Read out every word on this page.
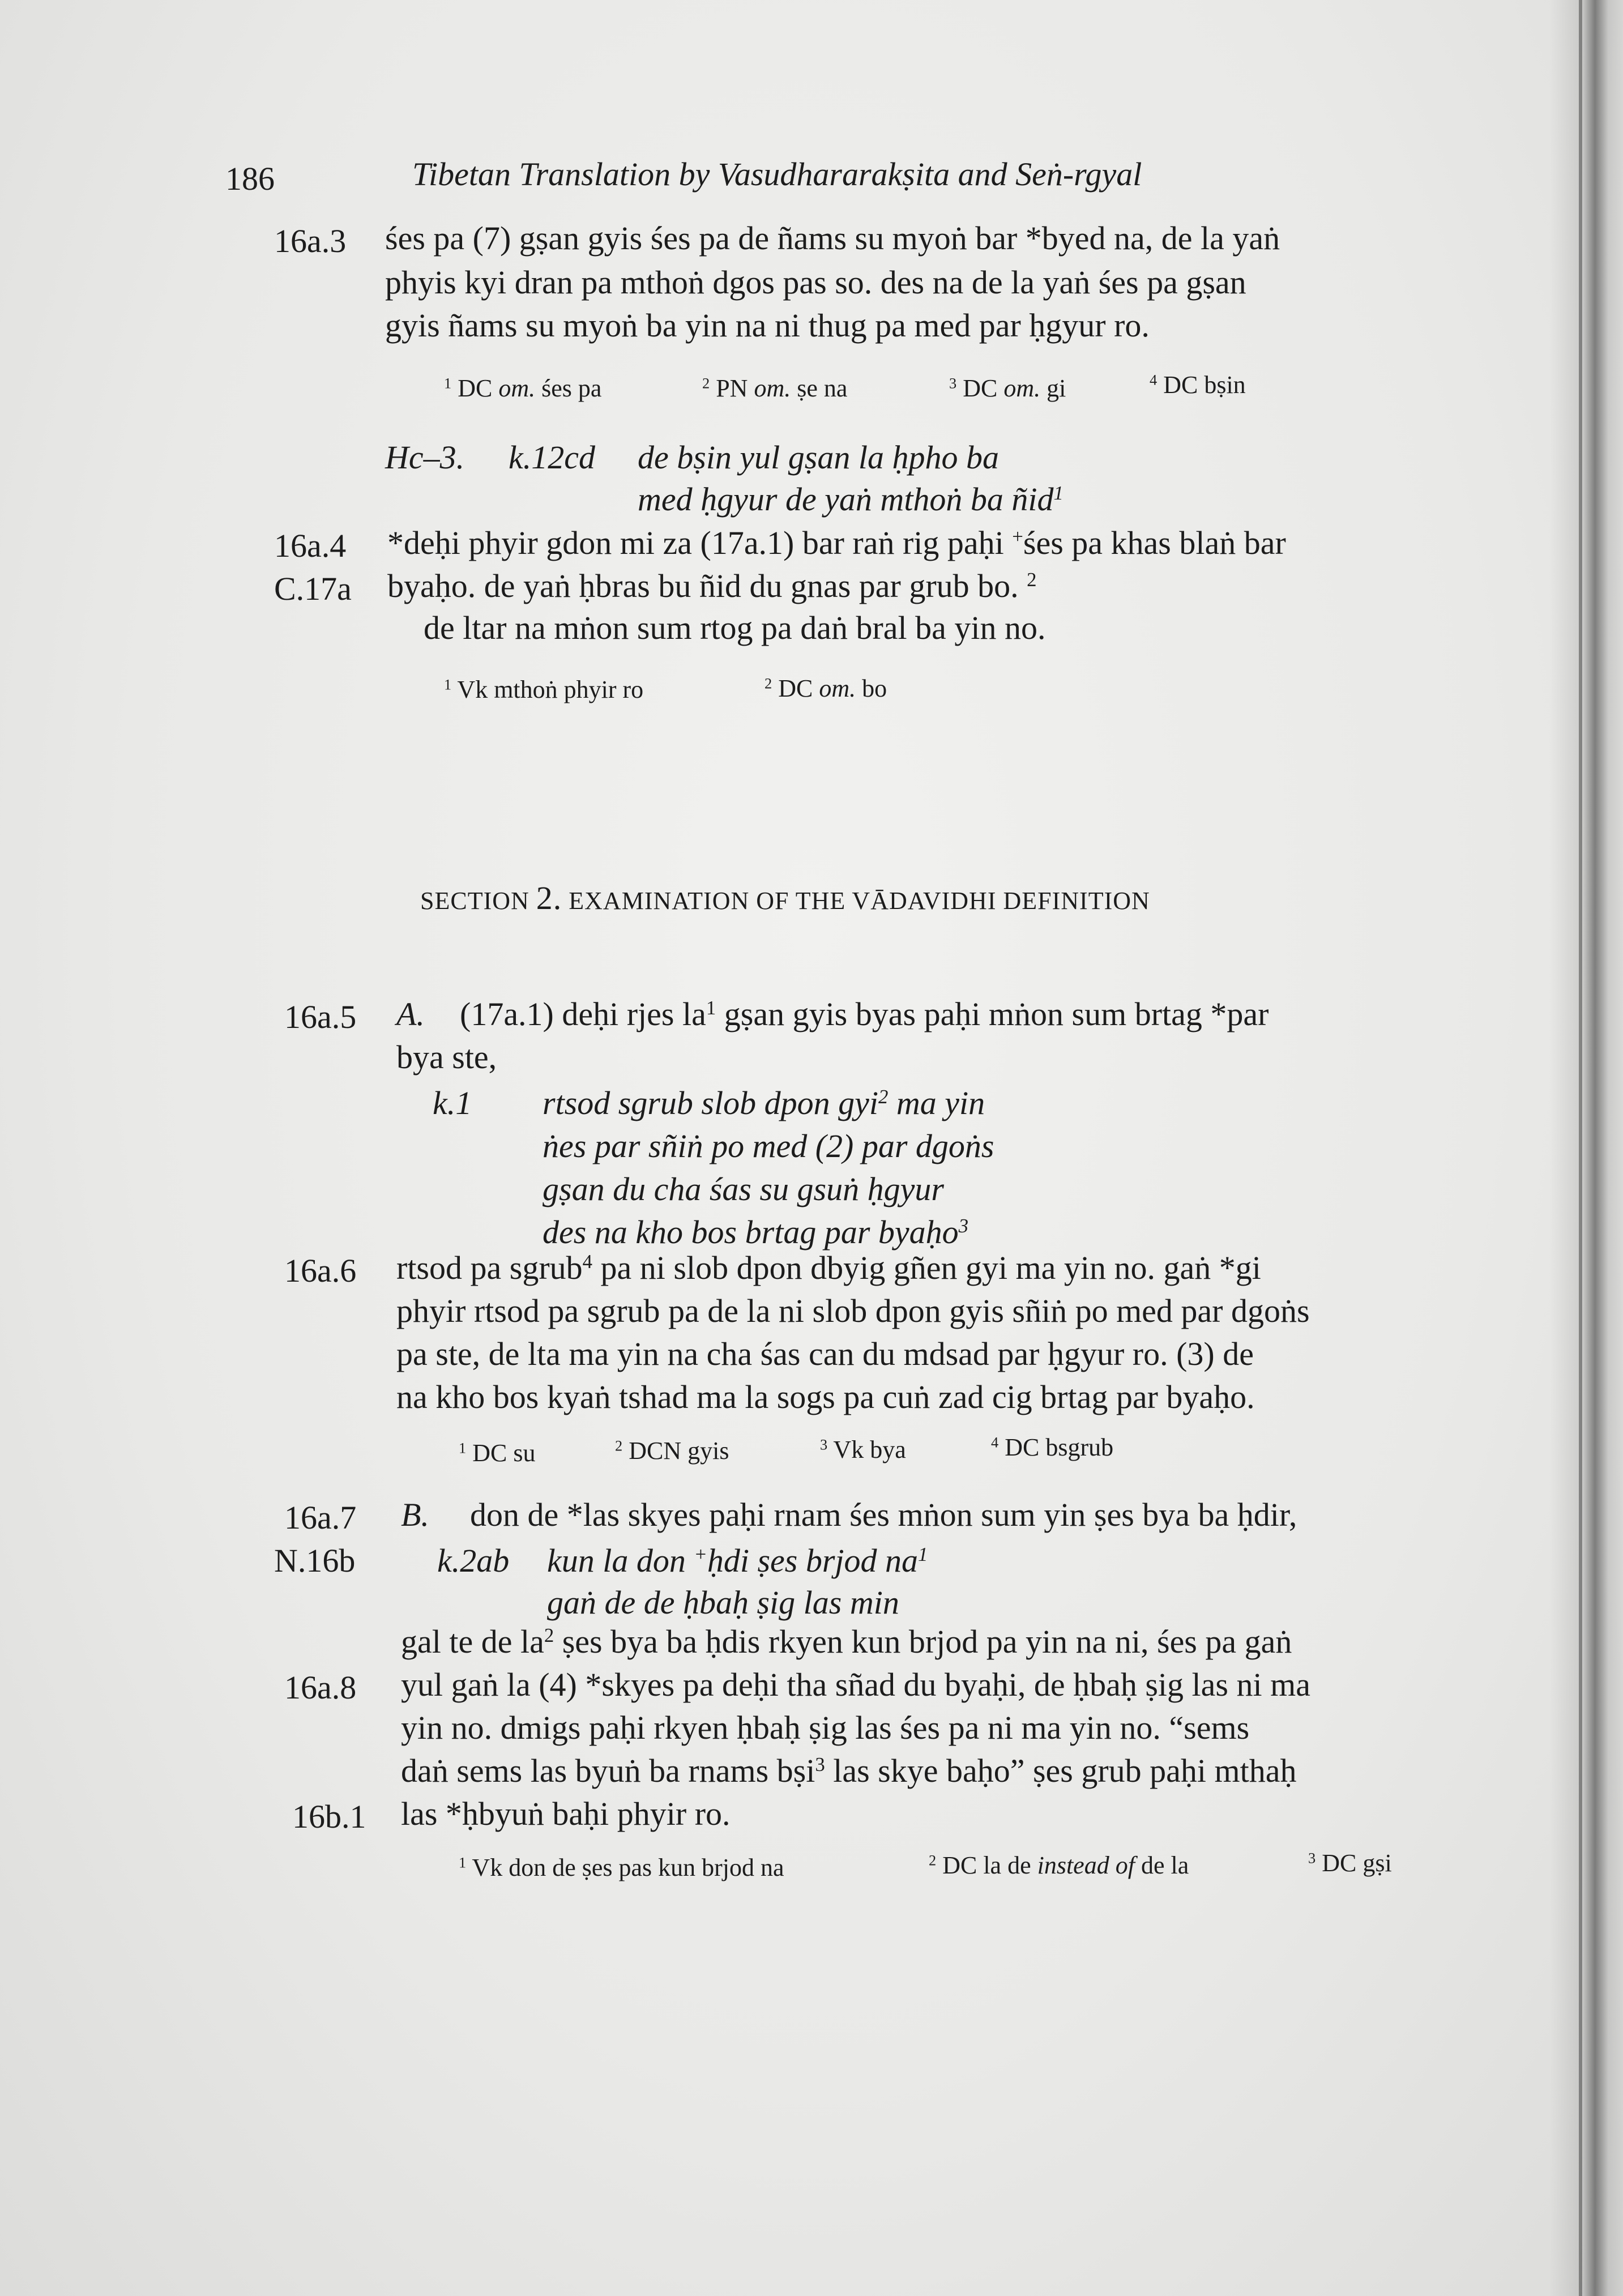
186	Tibetan Translation by Vasudhararakṣita and Seṅ-rgyal
16a.3 śes pa (7) gṣan gyis śes pa de ñams su myoṅ bar *byed na, de la yaṅ
phyis kyi dran pa mthoṅ dgos pas so. des na de la yaṅ śes pa gṣan
gyis ñams su myoṅ ba yin na ni thug pa med par ḥgyur ro.
$^1$ DC om. śes pa	$^2$ PN om. ṣe na	$^3$ DC om. gi	$^4$ DC bṣin
Hc–3. k.12cd de bṣin yul gṣan la ḥpho ba
med ḥgyur de yaṅ mthoṅ ba ñid$^1$
16a.4
C.17a
*deḥi phyir gdon mi za (17a.1) bar raṅ rig paḥi +śes pa khas blaṅ bar
byaḥo. de yaṅ ḥbras bu ñid du gnas par grub bo. $^2$
de ltar na mṅon sum rtog pa daṅ bral ba yin no.
$^1$ Vk mthoṅ phyir ro	$^2$ DC om. bo
SECTION 2. EXAMINATION OF THE VĀDAVIDHI DEFINITION
16a.5 A. (17a.1) deḥi rjes $la^1$ gṣan gyis byas paḥi mṅon sum brtag *par
bya ste,
k.1 rtsod sgrub slob dpon gyi$^2$ ma yin
ṅes par sñiṅ po med (2) par dgoṅs
gṣan du cha śas su gsuṅ ḥgyur
des na kho bos brtag par byaḥo$^3$
16a.6 rtsod pa sgrub$^4$ pa ni slob dpon dbyig gñen gyi ma yin no. gaṅ *gi
phyir rtsod pa sgrub pa de la ni slob dpon gyis sñiṅ po med par dgoṅs
pa ste, de lta ma yin na cha śas can du mdsad par ḥgyur ro. (3) de
na kho bos kyaṅ tshad ma la sogs pa cuṅ zad cig brtag par byaḥo.
$^1$ DC su	$^2$ DCN gyis	$^3$ Vk bya	$^4$ DC bsgrub
16a.7
N.16b
B. don de *las skyes paḥi rnam śes mṅon sum yin ṣes bya ba ḥdir,
k.2ab kun la don +ḥdi ṣes brjod $na^1$
gaṅ de de ḥbaḥ ṣig las min
gal te de $la^2$ ṣes bya ba ḥdis rkyen kun brjod pa yin na ni, śes pa gaṅ
16a.8 yul gaṅ la (4) *skyes pa deḥi tha sñad du byaḥi, de ḥbaḥ ṣig las ni ma
yin no. dmigs paḥi rkyen ḥbaḥ ṣig las śes pa ni ma yin no. “sems
daṅ sems las byuṅ ba rnams bṣi$^3$ las skye baḥo” ṣes grub paḥi mthaḥ
16b.1 las *ḥbyuṅ baḥi phyir ro.
$^1$ Vk don de ṣes pas kun brjod na	$^2$ DC la de instead of de la	$^3$ DC gṣi
